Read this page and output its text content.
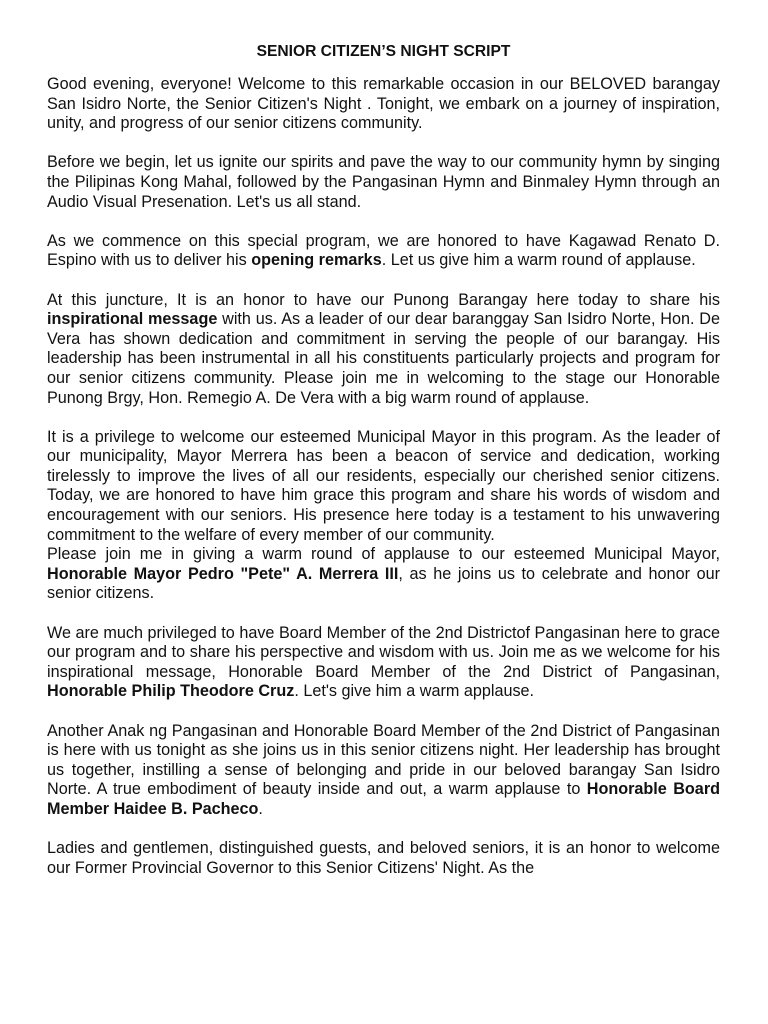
SENIOR CITIZEN’S NIGHT SCRIPT
Good evening, everyone! Welcome to this remarkable occasion in our BELOVED barangay San Isidro Norte, the Senior Citizen's Night . Tonight, we embark on a journey of inspiration, unity, and progress of our senior citizens community.
Before we begin, let us ignite our spirits and pave the way to our community hymn by singing the Pilipinas Kong Mahal, followed by the Pangasinan Hymn and Binmaley Hymn through an Audio Visual Presenation. Let's us all stand.
As we commence on this special program, we are honored to have Kagawad Renato D. Espino with us to deliver his opening remarks. Let us give him a warm round of applause.
At this juncture, It is an honor to have our Punong Barangay here today to share his inspirational message with us. As a leader of our dear baranggay San Isidro Norte, Hon. De Vera has shown dedication and commitment in serving the people of our barangay. His leadership has been instrumental in all his constituents particularly projects and program for our senior citizens community. Please join me in welcoming to the stage our Honorable Punong Brgy, Hon. Remegio A. De Vera with a big warm round of applause.
It is a privilege to welcome our esteemed Municipal Mayor in this program. As the leader of our municipality, Mayor Merrera has been a beacon of service and dedication, working tirelessly to improve the lives of all our residents, especially our cherished senior citizens. Today, we are honored to have him grace this program and share his words of wisdom and encouragement with our seniors. His presence here today is a testament to his unwavering commitment to the welfare of every member of our community.
Please join me in giving a warm round of applause to our esteemed Municipal Mayor, Honorable Mayor Pedro "Pete" A. Merrera III, as he joins us to celebrate and honor our senior citizens.
We are much privileged to have Board Member of the 2nd Districtof Pangasinan here to grace our program and to share his perspective and wisdom with us. Join me as we welcome for his inspirational message, Honorable Board Member of the 2nd District of Pangasinan, Honorable Philip Theodore Cruz. Let's give him a warm applause.
Another Anak ng Pangasinan and Honorable Board Member of the 2nd District of Pangasinan is here with us tonight as she joins us in this senior citizens night. Her leadership has brought us together, instilling a sense of belonging and pride in our beloved barangay San Isidro Norte. A true embodiment of beauty inside and out, a warm applause to Honorable Board Member Haidee B. Pacheco.
Ladies and gentlemen, distinguished guests, and beloved seniors, it is an honor to welcome our Former Provincial Governor to this Senior Citizens' Night. As the
